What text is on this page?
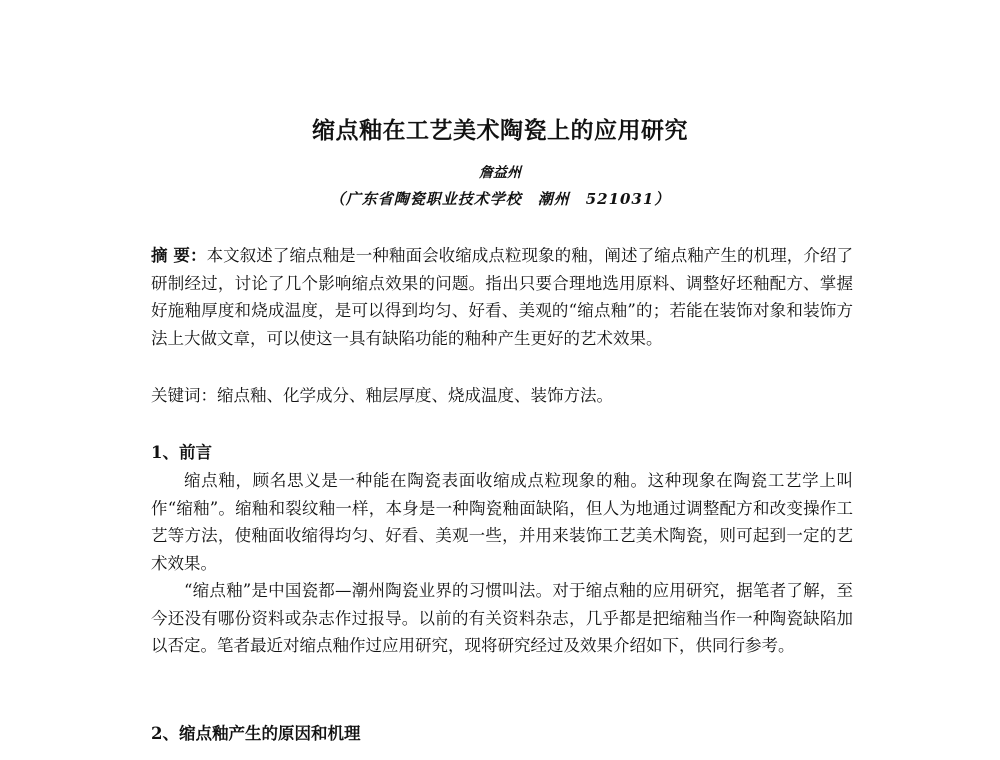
缩点釉在工艺美术陶瓷上的应用研究
詹益州
（广东省陶瓷职业技术学校　潮州　521031）
摘 要：本文叙述了缩点釉是一种釉面会收缩成点粒现象的釉，阐述了缩点釉产生的机理，介绍了研制经过，讨论了几个影响缩点效果的问题。指出只要合理地选用原料、调整好坯釉配方、掌握好施釉厚度和烧成温度，是可以得到均匀、好看、美观的“缩点釉”的；若能在装饰对象和装饰方法上大做文章，可以使这一具有缺陷功能的釉种产生更好的艺术效果。
关键词：缩点釉、化学成分、釉层厚度、烧成温度、装饰方法。
1、前言
缩点釉，顾名思义是一种能在陶瓷表面收缩成点粒现象的釉。这种现象在陶瓷工艺学上叫作“缩釉”。缩釉和裂纹釉一样，本身是一种陶瓷釉面缺陷，但人为地通过调整配方和改变操作工艺等方法，使釉面收缩得均匀、好看、美观一些，并用来装饰工艺美术陶瓷，则可起到一定的艺术效果。
“缩点釉”是中国瓷都—潮州陶瓷业界的习惯叫法。对于缩点釉的应用研究，据笔者了解，至今还没有哪份资料或杂志作过报导。以前的有关资料杂志，几乎都是把缩釉当作一种陶瓷缺陷加以否定。笔者最近对缩点釉作过应用研究，现将研究经过及效果介绍如下，供同行参考。
2、缩点釉产生的原因和机理
